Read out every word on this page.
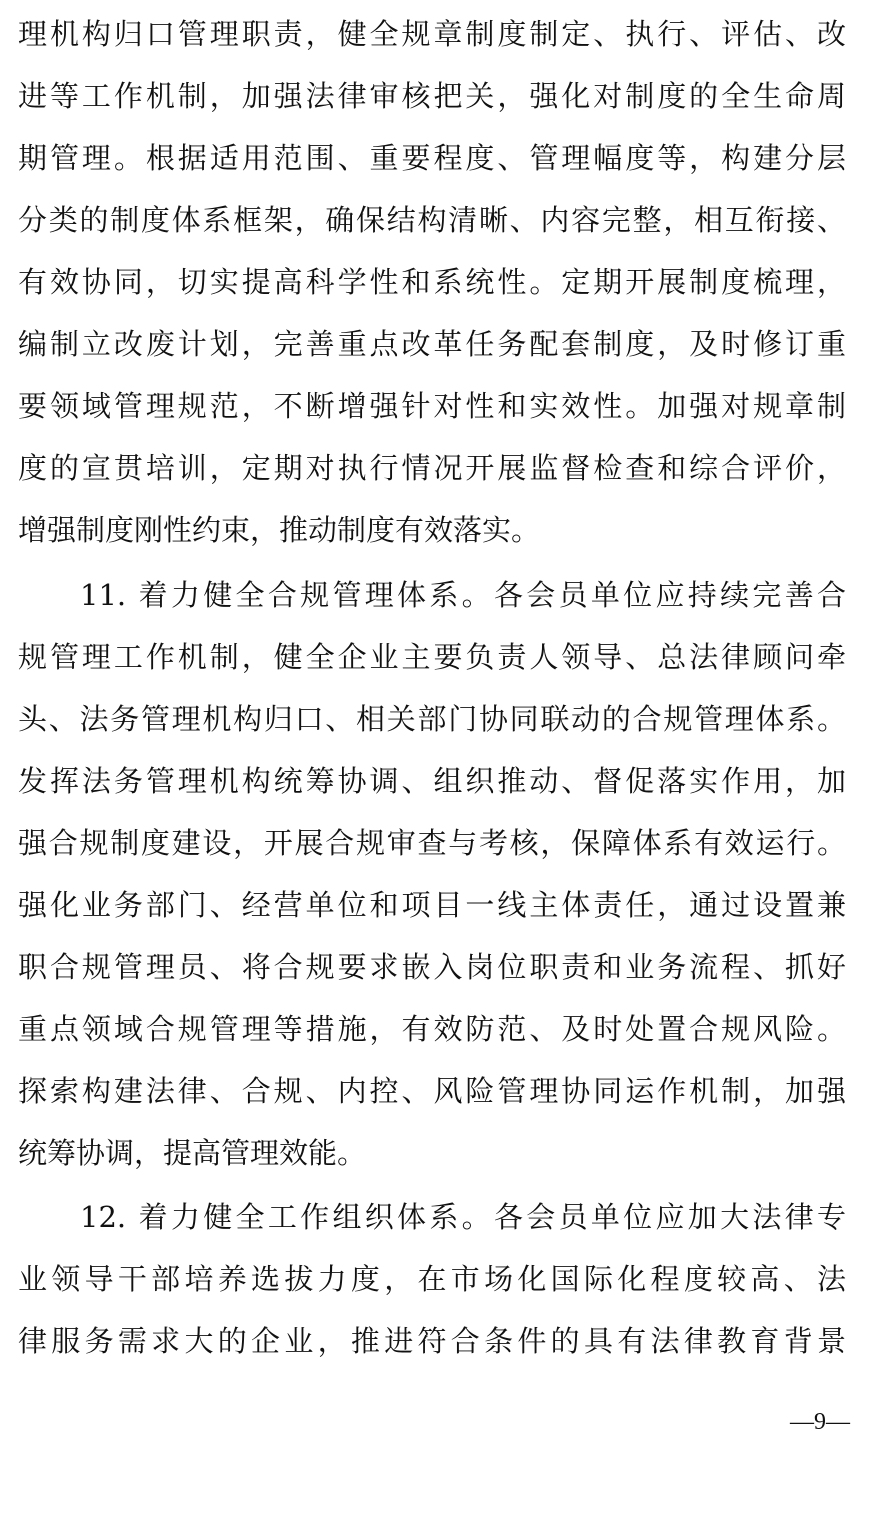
理机构归口管理职责，健全规章制度制定、执行、评估、改
进等工作机制，加强法律审核把关，强化对制度的全生命周
期管理。根据适用范围、重要程度、管理幅度等，构建分层
分类的制度体系框架，确保结构清晰、内容完整，相互衔接、
有效协同，切实提高科学性和系统性。定期开展制度梳理，
编制立改废计划，完善重点改革任务配套制度，及时修订重
要领域管理规范，不断增强针对性和实效性。加强对规章制
度的宣贯培训，定期对执行情况开展监督检查和综合评价，
增强制度刚性约束，推动制度有效落实。
11. 着力健全合规管理体系。各会员单位应持续完善合
规管理工作机制，健全企业主要负责人领导、总法律顾问牵
头、法务管理机构归口、相关部门协同联动的合规管理体系。
发挥法务管理机构统筹协调、组织推动、督促落实作用，加
强合规制度建设，开展合规审查与考核，保障体系有效运行。
强化业务部门、经营单位和项目一线主体责任，通过设置兼
职合规管理员、将合规要求嵌入岗位职责和业务流程、抓好
重点领域合规管理等措施，有效防范、及时处置合规风险。
探索构建法律、合规、内控、风险管理协同运作机制，加强
统筹协调，提高管理效能。
12. 着力健全工作组织体系。各会员单位应加大法律专
业领导干部培养选拔力度，在市场化国际化程度较高、法
律服务需求大的企业，推进符合条件的具有法律教育背景
—9—
